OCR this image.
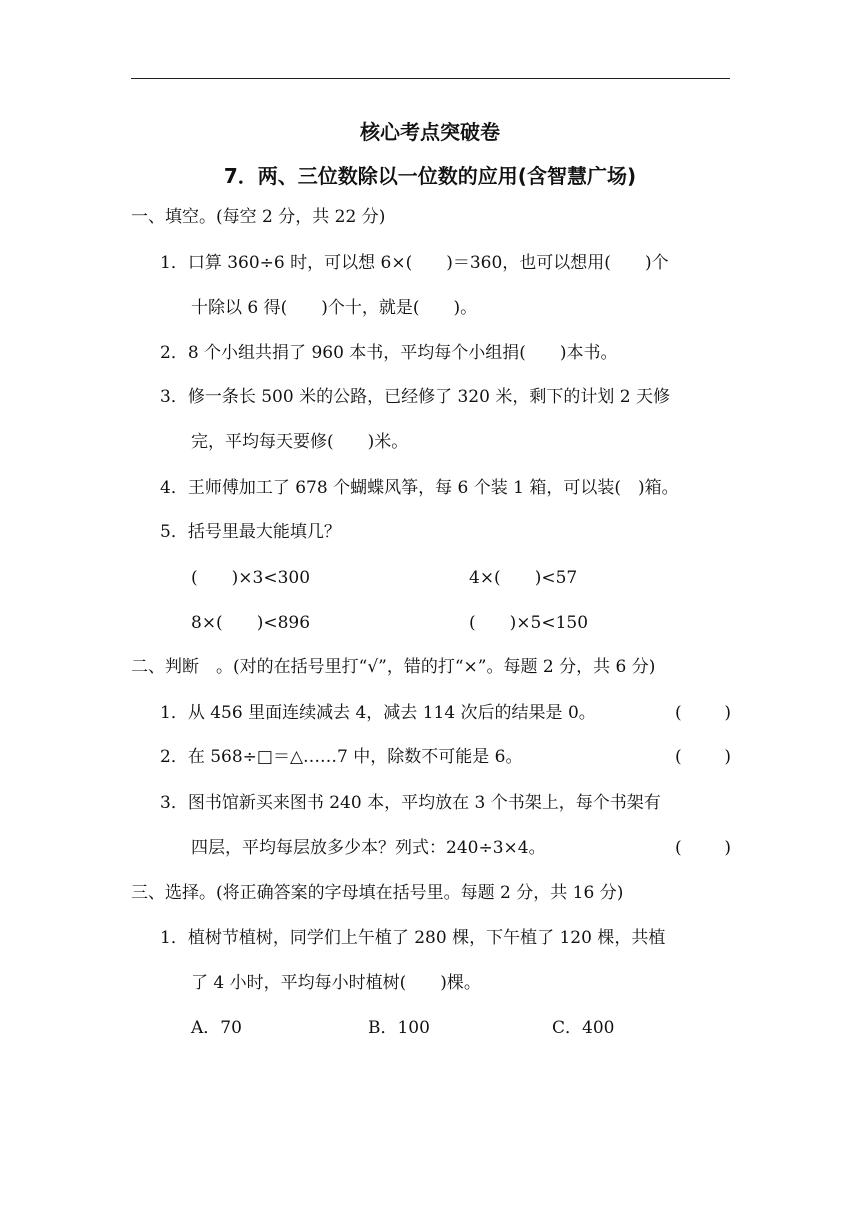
核心考点突破卷
7．两、三位数除以一位数的应用(含智慧广场)
一、填空。(每空 2 分，共 22 分)
1．口算 360÷6 时，可以想 6×(　　)＝360，也可以想用(　　)个
十除以 6 得(　　)个十，就是(　　)。
2．8 个小组共捐了 960 本书，平均每个小组捐(　　)本书。
3．修一条长 500 米的公路，已经修了 320 米，剩下的计划 2 天修
完，平均每天要修(　　)米。
4．王师傅加工了 678 个蝴蝶风筝，每 6 个装 1 箱，可以装(　)箱。
5．括号里最大能填几？
(　　)×3<300	4×(　　)<57
8×(　　)<896	(　　)×5<150
二、判断　。(对的在括号里打“√”，错的打“×”。每题 2 分，共 6 分)
1．从 456 里面连续减去 4，减去 114 次后的结果是 0。	(	)
2．在 568÷□＝△……7 中，除数不可能是 6。	(	)
3．图书馆新买来图书 240 本，平均放在 3 个书架上，每个书架有
四层，平均每层放多少本？列式：240÷3×4。	(	)
三、选择。(将正确答案的字母填在括号里。每题 2 分，共 16 分)
1．植树节植树，同学们上午植了 280 棵，下午植了 120 棵，共植
了 4 小时，平均每小时植树(　　)棵。
A．70	B．100	C．400
